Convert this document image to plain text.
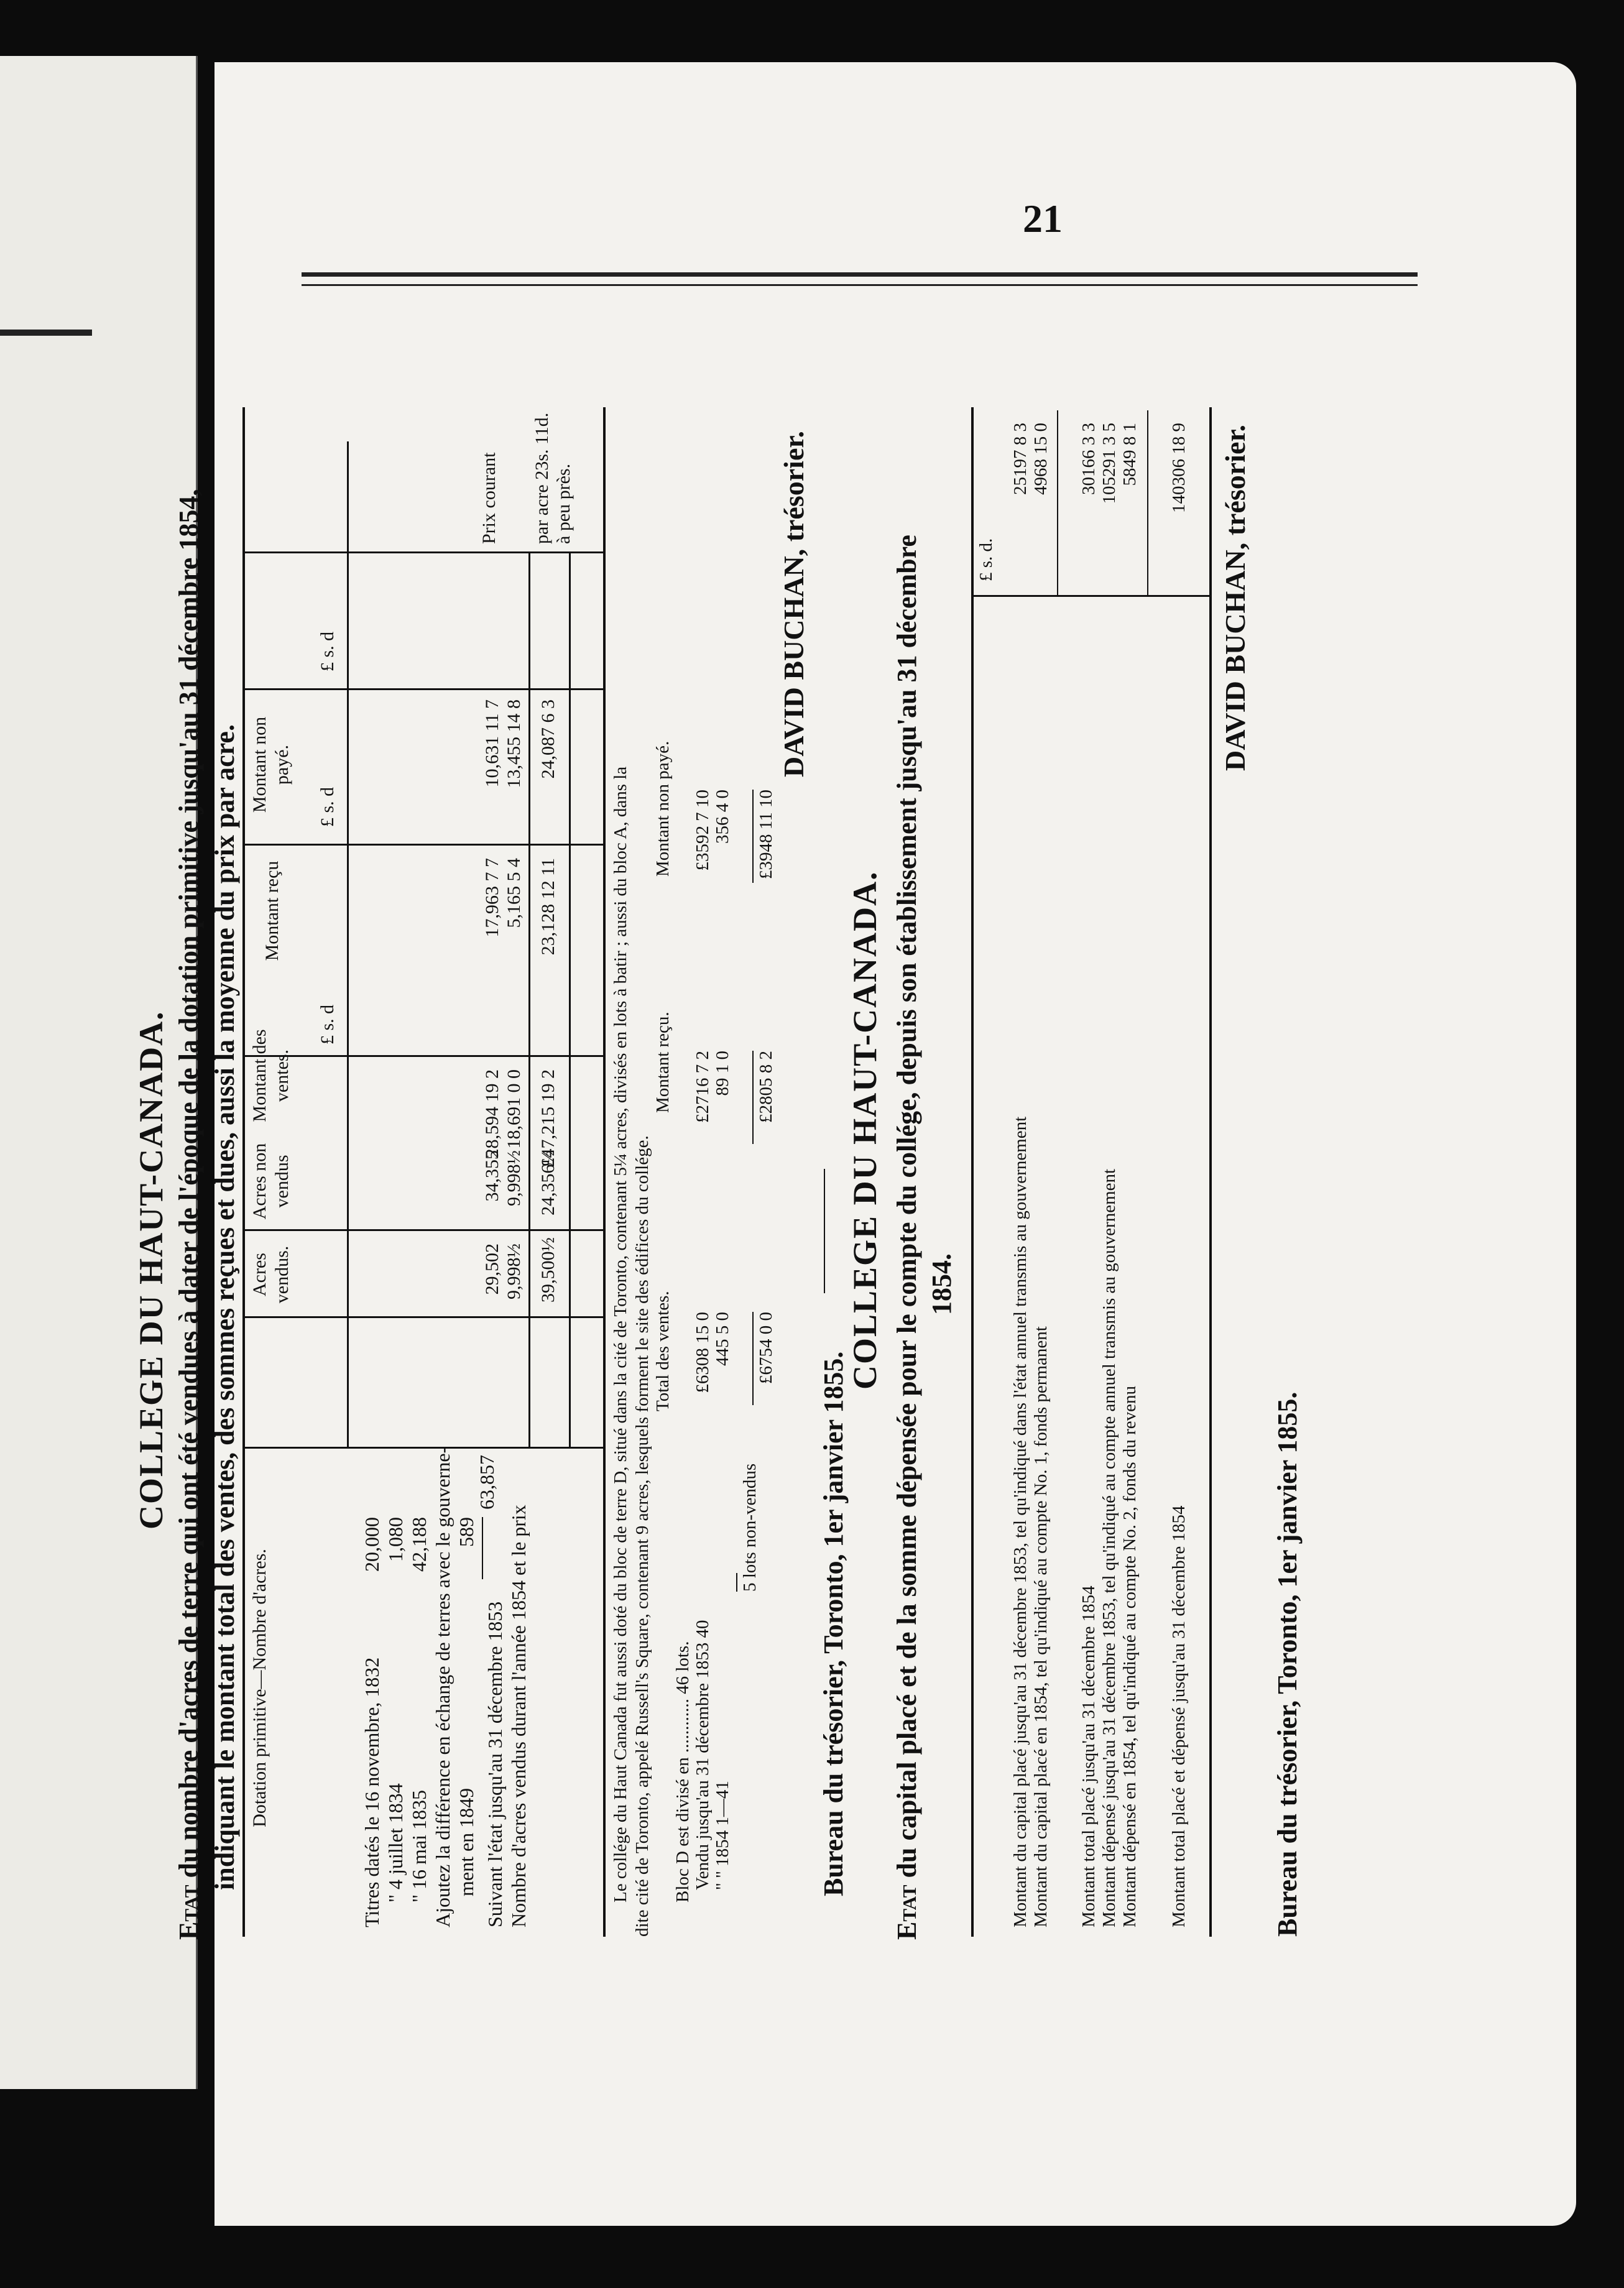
21
COLLEGE DU HAUT-CANADA.
Etat du nombre d'acres de terre qui ont été vendues à dater de l'époque de la dotation primitive jusqu'au 31 décembre 1854, indiquant le montant total des ventes, des sommes reçues et dues, aussi la moyenne du prix par acre. Dotation primitive—Nombre d'acres.
Acres vendus.
Acres non vendus
Montant des ventes.
Montant reçu
Montant non payé.
£ s. d
£ s. d
£ s. d
Titres datés le 16 novembre, 1832
20,000
" 4 juillet 1834
1,080
" 16 mai 1835
42,188 Ajoutez la différence en échange de terres avec le gouverne- ment en 1849
589
63,857
Suivant l'état jusqu'au 31 décembre 1853 Nombre d'acres vendus durant l'année 1854 et le prix
29,502
34,355
28,594 19 2
17,963 7 7
10,631 11 7
9,998½
9,998½
18,691 0 0
5,165 5 4
13,455 14 8
39,500½
24,356½
£47,215 19 2
23,128 12 11
24,087 6 3
Prix courant par acre 23s. 11d. à peu près.
Le collége du Haut Canada fut aussi doté du bloc de terre D, situé dans la cité de Toronto, contenant 5¼ acres, divisés en lots à batir ; aussi du bloc A, dans la dite cité de Toronto, appelé Russell's Square, contenant 9 acres, lesquels forment le site des édifices du collége. Total des ventes.
Montant reçu.
Montant non payé.
Bloc D est divisé en ............ 46 lots. Vendu jusqu'au 31 décembre 1853 40
£6308 15 0
£2716 7 2
£3592 7 10
" " 1854 1—41
445 5 0
89 1 0
356 4 0
5 lots non-vendus
£6754 0 0
£2805 8 2
£3948 11 10
DAVID BUCHAN, trésorier.
Bureau du trésorier, Toronto, 1er janvier 1855.
COLLEGE DU HAUT-CANADA.
Etat du capital placé et de la somme dépensée pour le compte du collége, depuis son établissement jusqu'au 31 décembre 1854.
£ s. d.
Montant du capital placé jusqu'au 31 décembre 1853, tel qu'indiqué dans l'état annuel transmis au gouvernement
25197 8 3
Montant du capital placé en 1854, tel qu'indiqué au compte No. 1, fonds permanent
4968 15 0
Montant total placé jusqu'au 31 décembre 1854
30166 3 3
Montant dépensé jusqu'au 31 décembre 1853, tel qu'indiqué au compte annuel transmis au gouvernement
105291 3 5
Montant dépensé en 1854, tel qu'indiqué au compte No. 2, fonds du revenu
5849 8 1
Montant total placé et dépensé jusqu'au 31 décembre 1854
140306 18 9 DAVID BUCHAN, trésorier.
Bureau du trésorier, Toronto, 1er janvier 1855.
